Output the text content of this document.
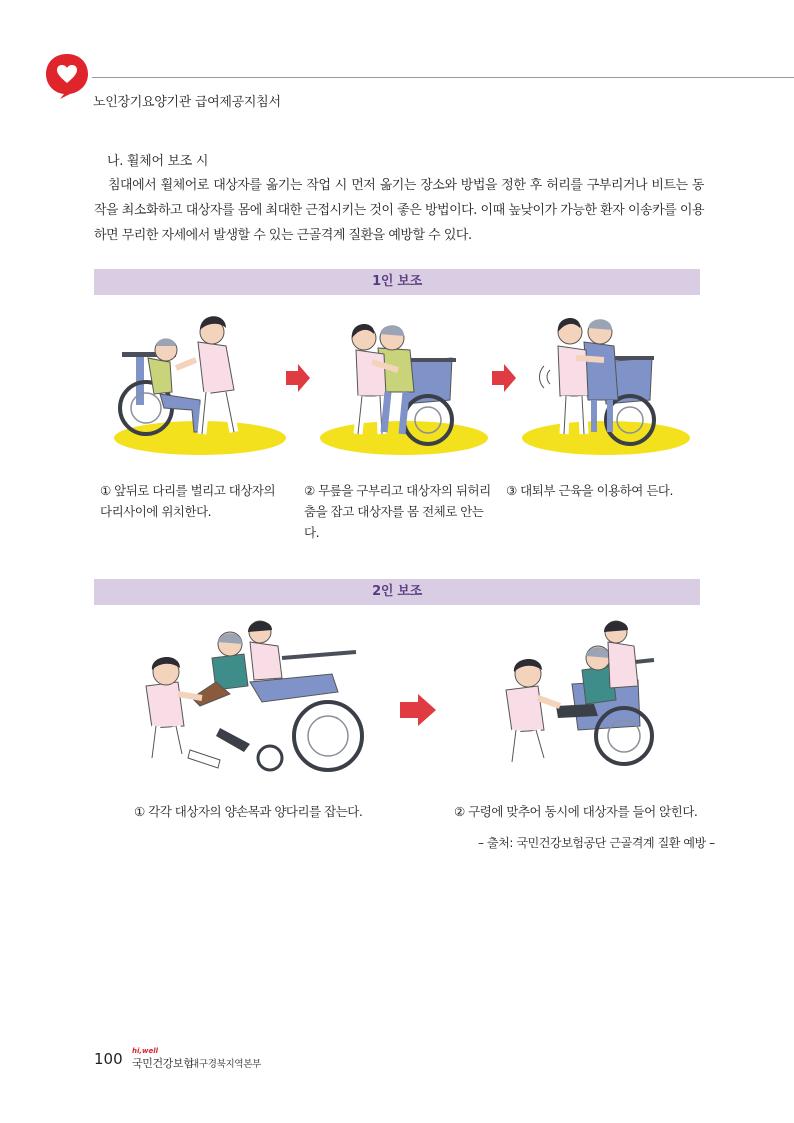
노인장기요양기관 급여제공지침서
나. 휠체어 보조 시

침대에서 휠체어로 대상자를 옮기는 작업 시 먼저 옮기는 장소와 방법을 정한 후 허리를 구부리거나 비트는 동작을 최소화하고 대상자를 몸에 최대한 근접시키는 것이 좋은 방법이다. 이때 높낮이가 가능한 환자 이송카를 이용하면 무리한 자세에서 발생할 수 있는 근골격계 질환을 예방할 수 있다.

1인 보조
① 앞뒤로 다리를 벌리고 대상자의 다리사이에 위치한다.
② 무릎을 구부리고 대상자의 뒤허리춤을 잡고 대상자를 몸 전체로 안는다.
③ 대퇴부 근육을 이용하여 든다.
2인 보조
① 각각 대상자의 양손목과 양다리를 잡는다.	② 구령에 맞추어 동시에 대상자를 들어 앉힌다.
– 출처: 국민건강보험공단 근골격계 질환 예방 –
100 hi,well
국민건강보험
대구경북지역본부
